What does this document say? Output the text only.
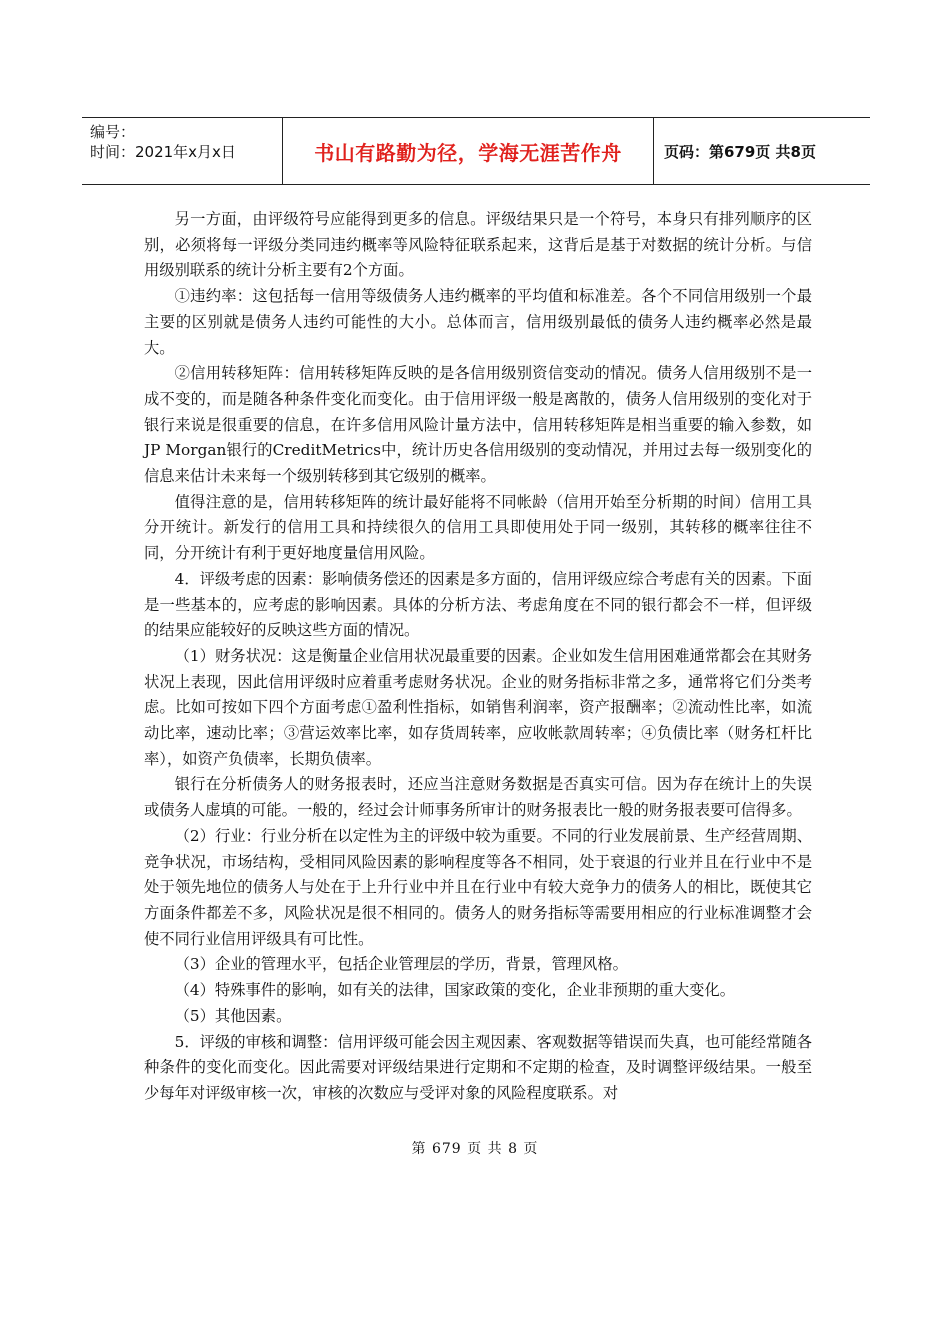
编号：
时间：2021年x月x日	书山有路勤为径，学海无涯苦作舟	页码：第679页 共8页

另一方面，由评级符号应能得到更多的信息。评级结果只是一个符号，本身只有排列顺序的区别，必须将每一评级分类同违约概率等风险特征联系起来，这背后是基于对数据的统计分析。与信用级别联系的统计分析主要有2个方面。

①违约率：这包括每一信用等级债务人违约概率的平均值和标准差。各个不同信用级别一个最主要的区别就是债务人违约可能性的大小。总体而言，信用级别最低的债务人违约概率必然是最大。

②信用转移矩阵：信用转移矩阵反映的是各信用级别资信变动的情况。债务人信用级别不是一成不变的，而是随各种条件变化而变化。由于信用评级一般是离散的，债务人信用级别的变化对于银行来说是很重要的信息，在许多信用风险计量方法中，信用转移矩阵是相当重要的输入参数，如JP Morgan银行的CreditMetrics中，统计历史各信用级别的变动情况，并用过去每一级别变化的信息来估计未来每一个级别转移到其它级别的概率。

值得注意的是，信用转移矩阵的统计最好能将不同帐龄（信用开始至分析期的时间）信用工具分开统计。新发行的信用工具和持续很久的信用工具即使用处于同一级别，其转移的概率往往不同，分开统计有利于更好地度量信用风险。

4．评级考虑的因素：影响债务偿还的因素是多方面的，信用评级应综合考虑有关的因素。下面是一些基本的，应考虑的影响因素。具体的分析方法、考虑角度在不同的银行都会不一样，但评级的结果应能较好的反映这些方面的情况。

（1）财务状况：这是衡量企业信用状况最重要的因素。企业如发生信用困难通常都会在其财务状况上表现，因此信用评级时应着重考虑财务状况。企业的财务指标非常之多，通常将它们分类考虑。比如可按如下四个方面考虑①盈利性指标，如销售利润率，资产报酬率；②流动性比率，如流动比率，速动比率；③营运效率比率，如存货周转率，应收帐款周转率；④负债比率（财务杠杆比率），如资产负债率，长期负债率。

银行在分析债务人的财务报表时，还应当注意财务数据是否真实可信。因为存在统计上的失误或债务人虚填的可能。一般的，经过会计师事务所审计的财务报表比一般的财务报表要可信得多。

（2）行业：行业分析在以定性为主的评级中较为重要。不同的行业发展前景、生产经营周期、竞争状况，市场结构，受相同风险因素的影响程度等各不相同，处于衰退的行业并且在行业中不是处于领先地位的债务人与处在于上升行业中并且在行业中有较大竞争力的债务人的相比，既使其它方面条件都差不多，风险状况是很不相同的。债务人的财务指标等需要用相应的行业标准调整才会使不同行业信用评级具有可比性。

（3）企业的管理水平，包括企业管理层的学历，背景，管理风格。

（4）特殊事件的影响，如有关的法律，国家政策的变化，企业非预期的重大变化。

（5）其他因素。

5．评级的审核和调整：信用评级可能会因主观因素、客观数据等错误而失真，也可能经常随各种条件的变化而变化。因此需要对评级结果进行定期和不定期的检查，及时调整评级结果。一般至少每年对评级审核一次，审核的次数应与受评对象的风险程度联系。对

第 679 页 共 8 页
